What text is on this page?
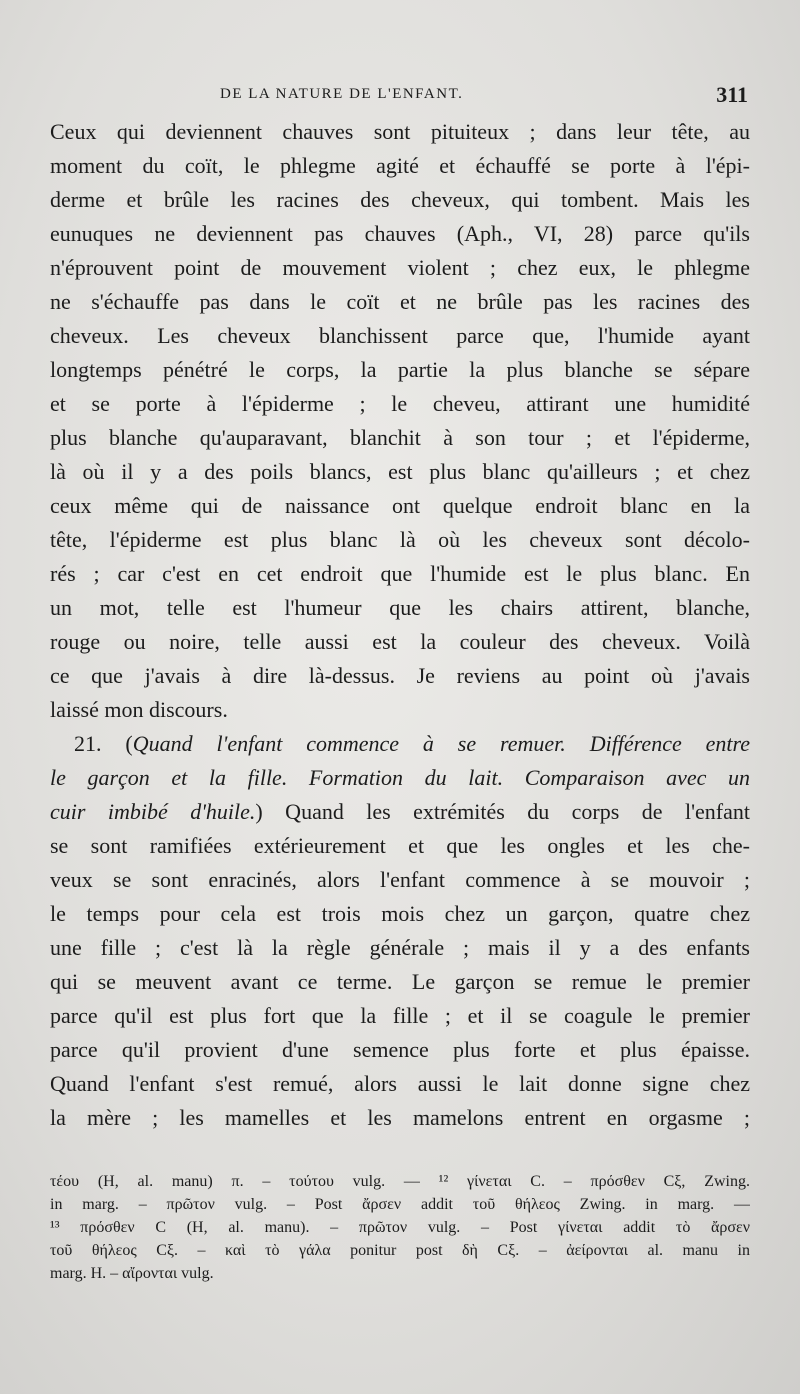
DE LA NATURE DE L'ENFANT.	311
Ceux qui deviennent chauves sont pituiteux ; dans leur tête, au
moment du coït, le phlegme agité et échauffé se porte à l'épi-
derme et brûle les racines des cheveux, qui tombent. Mais les
eunuques ne deviennent pas chauves (Aph., VI, 28) parce qu'ils
n'éprouvent point de mouvement violent ; chez eux, le phlegme
ne s'échauffe pas dans le coït et ne brûle pas les racines des
cheveux. Les cheveux blanchissent parce que, l'humide ayant
longtemps pénétré le corps, la partie la plus blanche se sépare
et se porte à l'épiderme ; le cheveu, attirant une humidité
plus blanche qu'auparavant, blanchit à son tour ; et l'épiderme,
là où il y a des poils blancs, est plus blanc qu'ailleurs ; et chez
ceux même qui de naissance ont quelque endroit blanc en la
tête, l'épiderme est plus blanc là où les cheveux sont décolo-
rés ; car c'est en cet endroit que l'humide est le plus blanc. En
un mot, telle est l'humeur que les chairs attirent, blanche,
rouge ou noire, telle aussi est la couleur des cheveux. Voilà
ce que j'avais à dire là-dessus. Je reviens au point où j'avais
laissé mon discours.
21. (Quand l'enfant commence à se remuer. Différence entre
le garçon et la fille. Formation du lait. Comparaison avec un
cuir imbibé d'huile.) Quand les extrémités du corps de l'enfant
se sont ramifiées extérieurement et que les ongles et les che-
veux se sont enracinés, alors l'enfant commence à se mouvoir ;
le temps pour cela est trois mois chez un garçon, quatre chez
une fille ; c'est là la règle générale ; mais il y a des enfants
qui se meuvent avant ce terme. Le garçon se remue le premier
parce qu'il est plus fort que la fille ; et il se coagule le premier
parce qu'il provient d'une semence plus forte et plus épaisse.
Quand l'enfant s'est remué, alors aussi le lait donne signe chez
la mère ; les mamelles et les mamelons entrent en orgasme ;
τέου (H, al. manu) π. – τούτου vulg. — ¹² γίνεται C. – πρόσθεν Cξ, Zwing.
in marg. – πρῶτον vulg. – Post ἄρσεν addit τοῦ θήλεος Zwing. in marg. —
¹³ πρόσθεν C (H, al. manu). – πρῶτον vulg. – Post γίνεται addit τὸ ἄρσεν
τοῦ θήλεος Cξ. – καὶ τὸ γάλα ponitur post δὴ Cξ. – ἀείρονται al. manu in
marg. H. – αἴρονται vulg.
